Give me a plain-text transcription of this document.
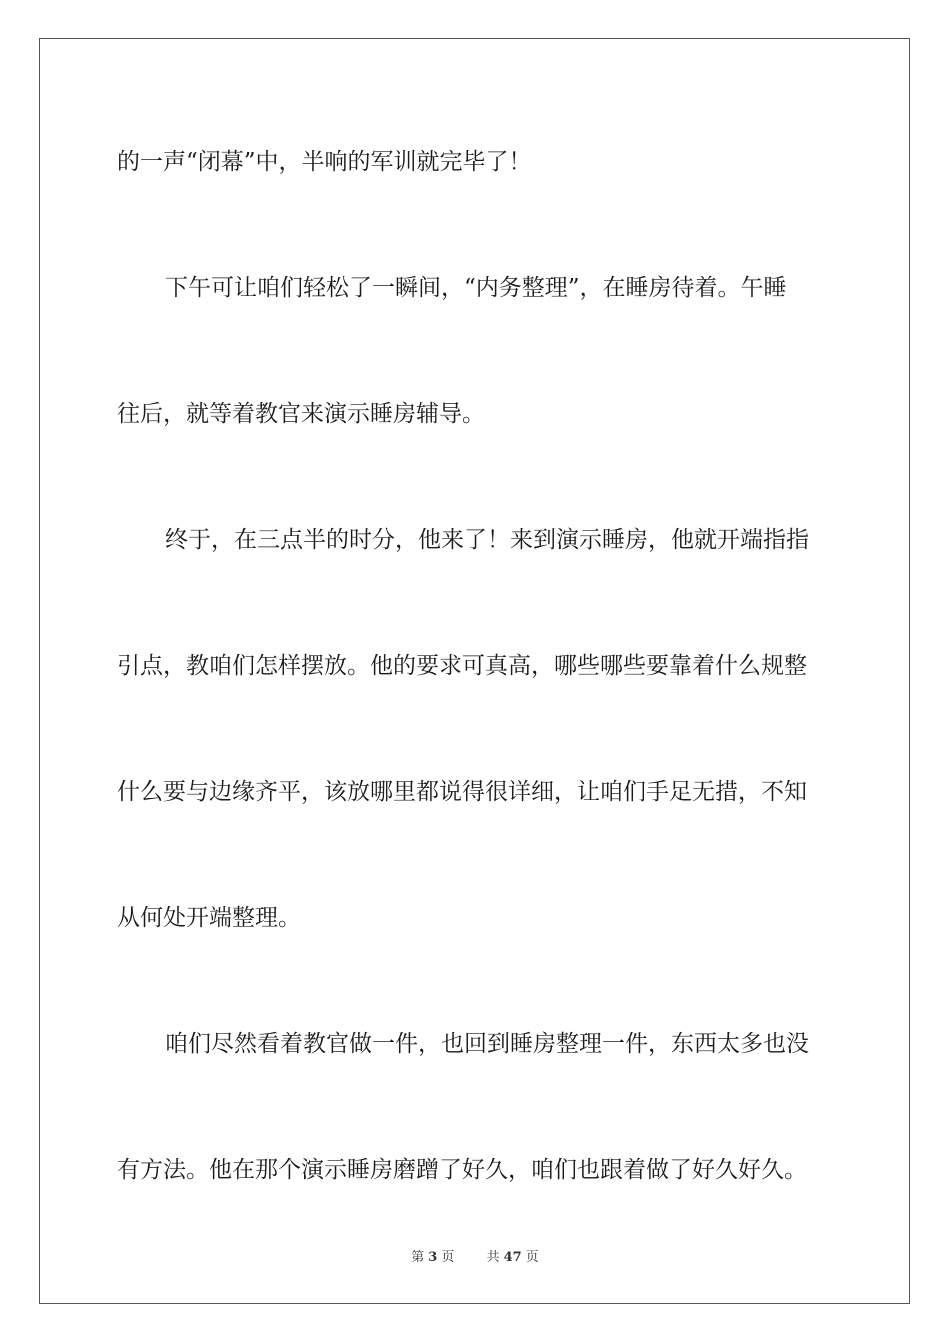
的一声“闭幕”中，半响的军训就完毕了！
下午可让咱们轻松了一瞬间，“内务整理”，在睡房待着。午睡
往后，就等着教官来演示睡房辅导。
终于，在三点半的时分，他来了！来到演示睡房，他就开端指指
引点，教咱们怎样摆放。他的要求可真高，哪些哪些要靠着什么规整
什么要与边缘齐平，该放哪里都说得很详细，让咱们手足无措，不知
从何处开端整理。
咱们尽然看着教官做一件，也回到睡房整理一件，东西太多也没
有方法。他在那个演示睡房磨蹭了好久，咱们也跟着做了好久好久。
第 3 页 共 47 页
